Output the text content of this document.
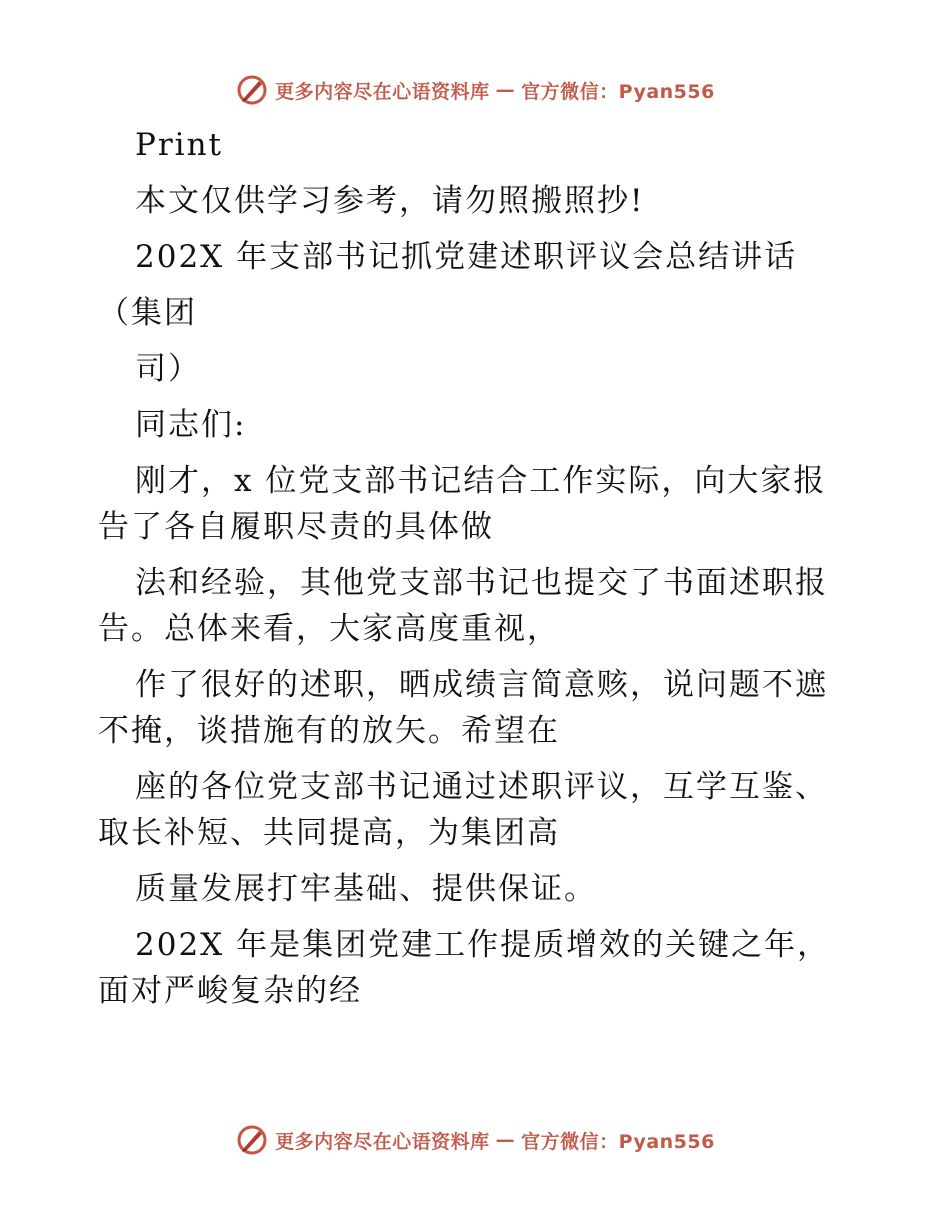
更多内容尽在心语资料库 — 官方微信：Pyan556

Print

本文仅供学习参考，请勿照搬照抄!

202X 年支部书记抓党建述职评议会总结讲话

（集团

司）

同志们:

刚才，x 位党支部书记结合工作实际，向大家报

告了各自履职尽责的具体做

法和经验，其他党支部书记也提交了书面述职报

告。总体来看，大家高度重视，

作了很好的述职，晒成绩言简意赅，说问题不遮

不掩，谈措施有的放矢。希望在

座的各位党支部书记通过述职评议，互学互鉴、

取长补短、共同提高，为集团高

质量发展打牢基础、提供保证。

202X 年是集团党建工作提质增效的关键之年，

面对严峻复杂的经

更多内容尽在心语资料库 — 官方微信：Pyan556
